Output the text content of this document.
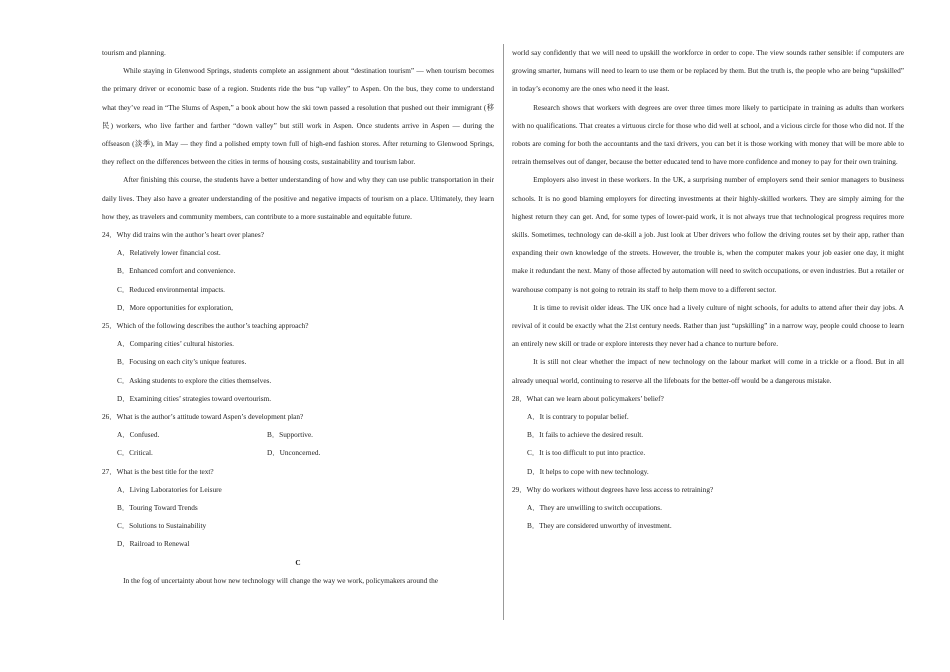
tourism and planning.

While staying in Glenwood Springs, students complete an assignment about “destination tourism” — when tourism becomes the primary driver or economic base of a region. Students ride the bus “up valley” to Aspen. On the bus, they come to understand what they’ve read in “The Slums of Aspen,” a book about how the ski town passed a resolution that pushed out their immigrant (移民) workers, who live farther and farther “down valley” but still work in Aspen. Once students arrive in Aspen — during the offseason (淡季), in May — they find a polished empty town full of high-end fashion stores. After returning to Glenwood Springs, they reflect on the differences between the cities in terms of housing costs, sustainability and tourism labor.

After finishing this course, the students have a better understanding of how and why they can use public transportation in their daily lives. They also have a greater understanding of the positive and negative impacts of tourism on a place. Ultimately, they learn how they, as travelers and community members, can contribute to a more sustainable and equitable future.

24．Why did trains win the author’s heart over planes?

A．Relatively lower financial cost.

B．Enhanced comfort and convenience.

C．Reduced environmental impacts.

D．More opportunities for exploration,

25．Which of the following describes the author’s teaching approach?

A．Comparing cities’ cultural histories.

B．Focusing on each city’s unique features.

C．Asking students to explore the cities themselves.

D．Examining cities’ strategies toward overtourism.

26．What is the author’s attitude toward Aspen’s development plan?

A．Confused.	B．Supportive.
C．Critical.	D．Unconcerned.

27．What is the best title for the text?

A．Living Laboratories for Leisure

B．Touring Toward Trends

C．Solutions to Sustainability

D．Railroad to Renewal

C

In the fog of uncertainty about how new technology will change the way we work, policymakers around the

world say confidently that we will need to upskill the workforce in order to cope. The view sounds rather sensible: if computers are growing smarter, humans will need to learn to use them or be replaced by them. But the truth is, the people who are being “upskilled” in today’s economy are the ones who need it the least.

Research shows that workers with degrees are over three times more likely to participate in training as adults than workers with no qualifications. That creates a virtuous circle for those who did well at school, and a vicious circle for those who did not. If the robots are coming for both the accountants and the taxi drivers, you can bet it is those working with money that will be more able to retrain themselves out of danger, because the better educated tend to have more confidence and money to pay for their own training.

Employers also invest in these workers. In the UK, a surprising number of employers send their senior managers to business schools. It is no good blaming employers for directing investments at their highly-skilled workers. They are simply aiming for the highest return they can get. And, for some types of lower-paid work, it is not always true that technological progress requires more skills. Sometimes, technology can de-skill a job. Just look at Uber drivers who follow the driving routes set by their app, rather than expanding their own knowledge of the streets. However, the trouble is, when the computer makes your job easier one day, it might make it redundant the next. Many of those affected by automation will need to switch occupations, or even industries. But a retailer or warehouse company is not going to retrain its staff to help them move to a different sector.

It is time to revisit older ideas. The UK once had a lively culture of night schools, for adults to attend after their day jobs. A revival of it could be exactly what the 21st century needs. Rather than just “upskilling” in a narrow way, people could choose to learn an entirely new skill or trade or explore interests they never had a chance to nurture before.

It is still not clear whether the impact of new technology on the labour market will come in a trickle or a flood. But in all already unequal world, continuing to reserve all the lifeboats for the better-off would be a dangerous mistake.

28．What can we learn about policymakers’ belief?

A．It is contrary to popular belief.

B．It fails to achieve the desired result.

C．It is too difficult to put into practice.

D．It helps to cope with new technology.

29．Why do workers without degrees have less access to retraining?

A．They are unwilling to switch occupations.

B．They are considered unworthy of investment.
